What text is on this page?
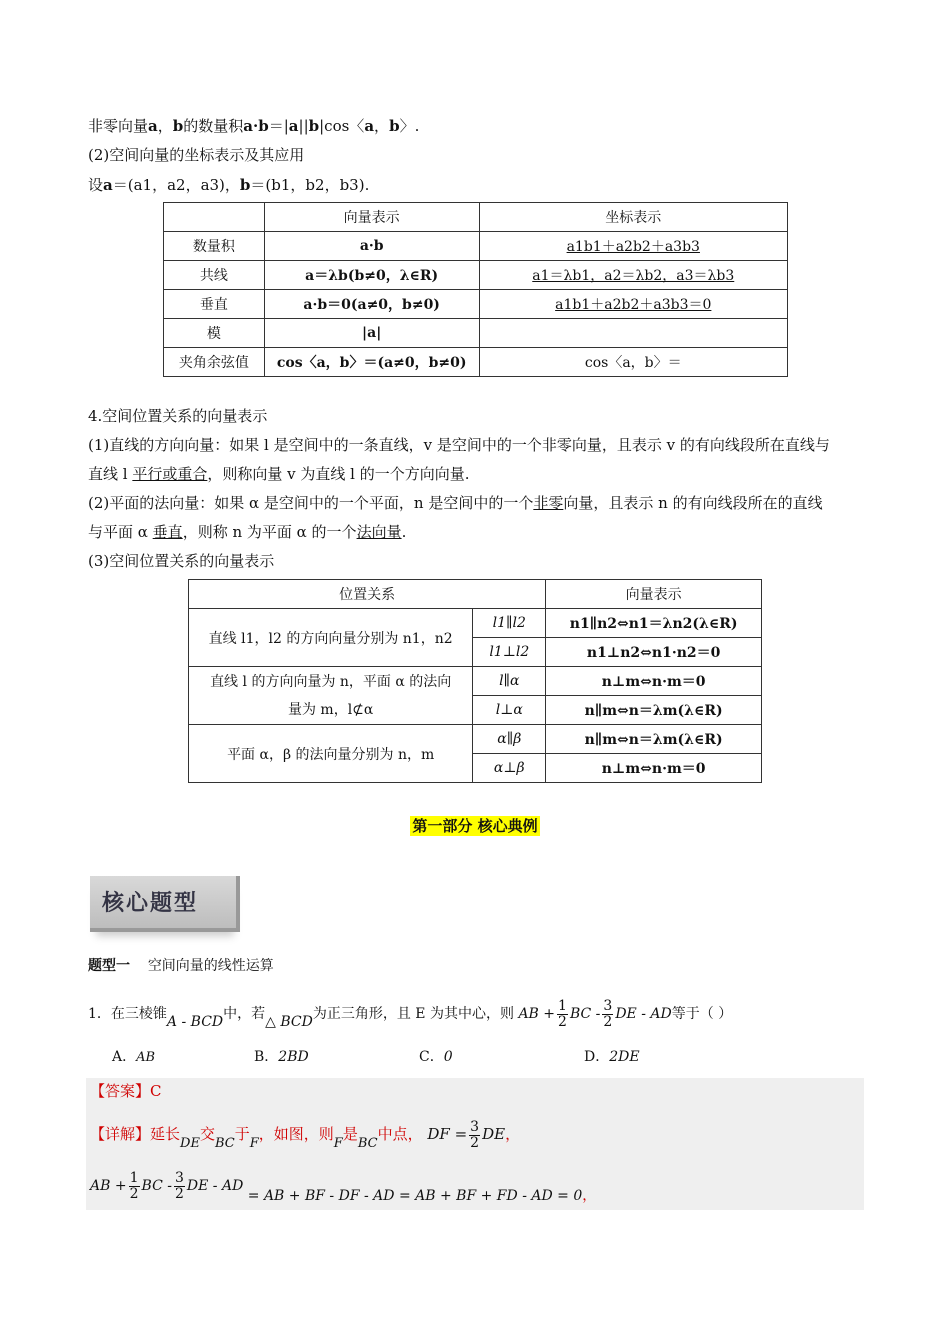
非零向量a，b的数量积a·b＝|a||b|cos〈a，b〉.
(2)空间向量的坐标表示及其应用
设a＝(a1，a2，a3)，b＝(b1，b2，b3).
	向量表示	坐标表示
数量积	a·b	a1b1＋a2b2＋a3b3
共线	a＝λb(b≠0，λ∈R)	a1＝λb1，a2＝λb2，a3＝λb3
垂直	a·b＝0(a≠0，b≠0)	a1b1＋a2b2＋a3b3＝0
模	|a|	
夹角余弦值	cos〈a，b〉＝(a≠0，b≠0)	cos〈a，b〉＝
4.空间位置关系的向量表示
(1)直线的方向向量：如果 l 是空间中的一条直线，v 是空间中的一个非零向量，且表示 v 的有向线段所在直线与
直线 l 平行或重合，则称向量 v 为直线 l 的一个方向向量.
(2)平面的法向量：如果 α 是空间中的一个平面，n 是空间中的一个非零向量，且表示 n 的有向线段所在的直线
与平面 α 垂直，则称 n 为平面 α 的一个法向量.
(3)空间位置关系的向量表示
位置关系		向量表示
直线 l1，l2 的方向向量分别为 n1，n2	l1∥l2	n1∥n2⇔n1＝λn2(λ∈R)
	l1⊥l2	n1⊥n2⇔n1·n2＝0
直线 l 的方向向量为 n，平面 α 的法向
量为 m，l⊄α	l∥α	n⊥m⇔n·m＝0
	l⊥α	n∥m⇔n＝λm(λ∈R)
平面 α，β 的法向量分别为 n，m	α∥β	n∥m⇔n＝λm(λ∈R)
	α⊥β	n⊥m⇔n·m＝0
第一部分 核心典例
核心题型
题型一 空间向量的线性运算
1．在三棱锥A - BCD中，若△ BCD为正三角形，且 E 为其中心，则 AB + $\frac{1}{2}$ BC - $\frac{3}{2}$ DE - AD等于（ ）
A．AB	B．2BD	C．0	D．2DE
【答案】C
【详解】延长DE交BC于F，如图，则F是BC中点， DF = $\frac{3}{2}$ DE，
AB + $\frac{1}{2}$ BC - $\frac{3}{2}$ DE - AD = AB + BF - DF - AD = AB + BF + FD - AD = 0，
